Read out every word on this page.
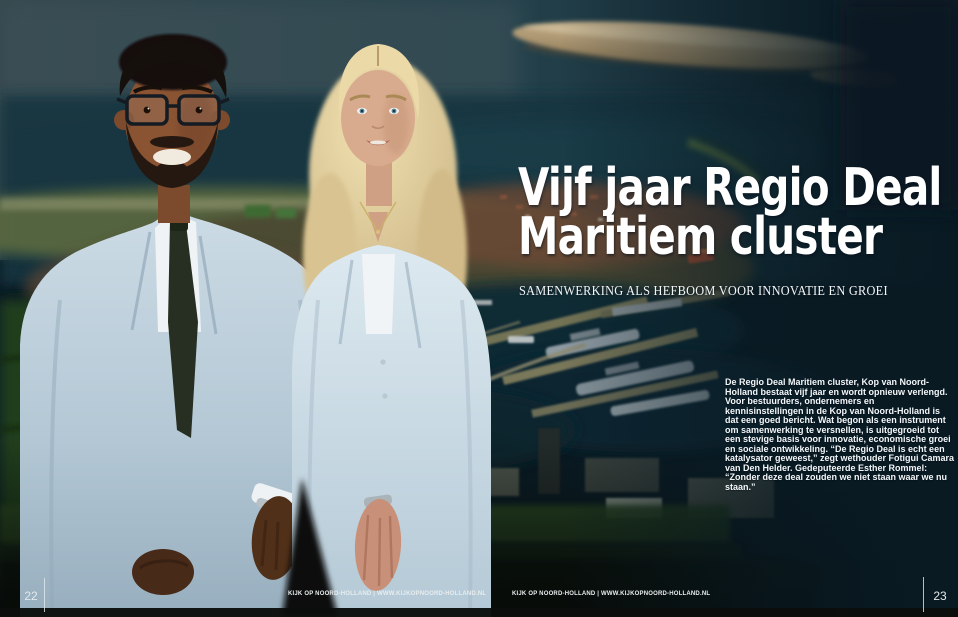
Vijf jaar Regio Deal
Maritiem cluster
SAMENWERKING ALS HEFBOOM VOOR INNOVATIE EN GROEI
De Regio Deal Maritiem cluster, Kop van Noord-Holland bestaat vijf jaar en wordt opnieuw verlengd. Voor bestuurders, ondernemers en kennisinstellingen in de Kop van Noord-Holland is dat een goed bericht. Wat begon als een instrument om samenwerking te versnellen, is uitgegroeid tot een stevige basis voor innovatie, economische groei en sociale ontwikkeling. “De Regio Deal is echt een katalysator geweest,” zegt wethouder Fotigui Camara van Den Helder. Gedeputeerde Esther Rommel: “Zonder deze deal zouden we niet staan waar we nu staan.”
KIJK OP NOORD-HOLLAND | WWW.KIJKOPNOORD-HOLLAND.NL	KIJK OP NOORD-HOLLAND | WWW.KIJKOPNOORD-HOLLAND.NL
22	23
